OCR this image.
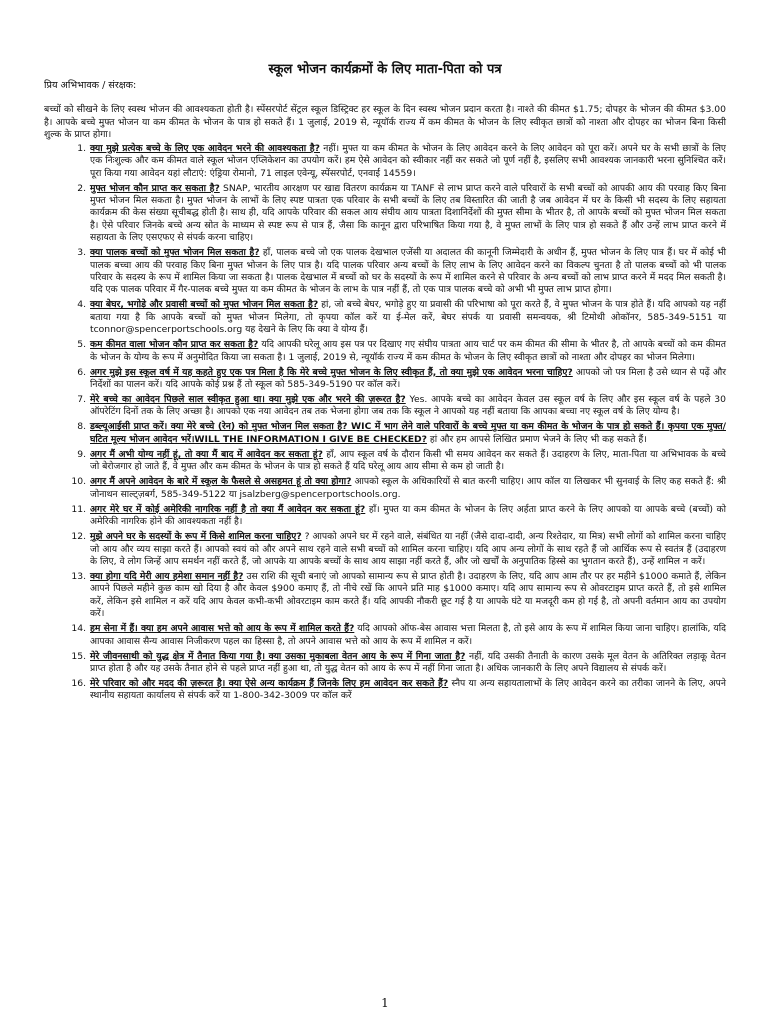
स्कूल भोजन कार्यक्रमों के लिए माता-पिता को पत्र
प्रिय अभिभावक / संरक्षक:

बच्चों को सीखने के लिए स्वस्थ भोजन की आवश्यकता होती है। स्पेंसरपोर्ट सेंट्रल स्कूल डिस्ट्रिक्ट हर स्कूल के दिन स्वस्थ भोजन प्रदान करता है। नाश्ते की कीमत $1.75; दोपहर के भोजन की कीमत $3.00 है। आपके बच्चे मुफ्त भोजन या कम कीमत के भोजन के पात्र हो सकते हैं। 1 जुलाई, 2019 से, न्यूयॉर्क राज्य में कम कीमत के भोजन के लिए स्वीकृत छात्रों को नाश्ता और दोपहर का भोजन बिना किसी शुल्क के प्राप्त होगा।

1. क्या मुझे प्रत्येक बच्चे के लिए एक आवेदन भरने की आवश्यकता है? नहीं। मुफ्त या कम कीमत के भोजन के लिए आवेदन करने के लिए आवेदन को पूरा करें। अपने घर के सभी छात्रों के लिए एक निःशुल्क और कम कीमत वाले स्कूल भोजन एप्लिकेशन का उपयोग करें। हम ऐसे आवेदन को स्वीकार नहीं कर सकते जो पूर्ण नहीं है, इसलिए सभी आवश्यक जानकारी भरना सुनिश्चित करें। पूरा किया गया आवेदन यहां लौटाएं: एंड्रिया रोमानो, 71 लाइल एवेन्यू, स्पेंसरपोर्ट, एनवाई 14559।
2. मुफ्त भोजन कौन प्राप्त कर सकता है? SNAP, भारतीय आरक्षण पर खाद्य वितरण कार्यक्रम या TANF से लाभ प्राप्त करने वाले परिवारों के सभी बच्चों को आपकी आय की परवाह किए बिना मुफ्त भोजन मिल सकता है। मुफ्त भोजन के लाभों के लिए स्पष्ट पात्रता एक परिवार के सभी बच्चों के लिए तब विस्तारित की जाती है जब आवेदन में घर के किसी भी सदस्य के लिए सहायता कार्यक्रम की केस संख्या सूचीबद्ध होती है। साथ ही, यदि आपके परिवार की सकल आय संघीय आय पात्रता दिशानिर्देशों की मुफ्त सीमा के भीतर है, तो आपके बच्चों को मुफ्त भोजन मिल सकता है। ऐसे परिवार जिनके बच्चे अन्य स्रोत के माध्यम से स्पष्ट रूप से पात्र हैं, जैसा कि कानून द्वारा परिभाषित किया गया है, वे मुफ्त लाभों के लिए पात्र हो सकते हैं और उन्हें लाभ प्राप्त करने में सहायता के लिए एसएफए से संपर्क करना चाहिए।
3. क्या पालक बच्चों को मुफ्त भोजन मिल सकता है? हाँ, पालक बच्चे जो एक पालक देखभाल एजेंसी या अदालत की कानूनी जिम्मेदारी के अधीन हैं, मुफ्त भोजन के लिए पात्र हैं। घर में कोई भी पालक बच्चा आय की परवाह किए बिना मुफ्त भोजन के लिए पात्र है। यदि पालक परिवार अन्य बच्चों के लिए लाभ के लिए आवेदन करने का विकल्प चुनता है तो पालक बच्चों को भी पालक परिवार के सदस्य के रूप में शामिल किया जा सकता है। पालक देखभाल में बच्चों को घर के सदस्यों के रूप में शामिल करने से परिवार के अन्य बच्चों को लाभ प्राप्त करने में मदद मिल सकती है। यदि एक पालक परिवार में गैर-पालक बच्चे मुफ्त या कम कीमत के भोजन के लाभ के पात्र नहीं हैं, तो एक पात्र पालक बच्चे को अभी भी मुफ्त लाभ प्राप्त होगा।
4. क्या बेघर, भगोड़े और प्रवासी बच्चों को मुफ्त भोजन मिल सकता है? हां, जो बच्चे बेघर, भगोड़े हुए या प्रवासी की परिभाषा को पूरा करते हैं, वे मुफ्त भोजन के पात्र होते हैं। यदि आपको यह नहीं बताया गया है कि आपके बच्चों को मुफ्त भोजन मिलेगा, तो कृपया कॉल करें या ई-मेल करें, बेघर संपर्क या प्रवासी समन्वयक, श्री टिमोथी ओकॉनर, 585-349-5151 या tconnor@spencerportschools.org यह देखने के लिए कि क्या वे योग्य हैं।
5. कम कीमत वाला भोजन कौन प्राप्त कर सकता है? यदि आपकी घरेलू आय इस पत्र पर दिखाए गए संघीय पात्रता आय चार्ट पर कम कीमत की सीमा के भीतर है, तो आपके बच्चों को कम कीमत के भोजन के योग्य के रूप में अनुमोदित किया जा सकता है। 1 जुलाई, 2019 से, न्यूयॉर्क राज्य में कम कीमत के भोजन के लिए स्वीकृत छात्रों को नाश्ता और दोपहर का भोजन मिलेगा।
6. अगर मुझे इस स्कूल वर्ष में यह कहते हुए एक पत्र मिला है कि मेरे बच्चे मुफ्त भोजन के लिए स्वीकृत हैं, तो क्या मुझे एक आवेदन भरना चाहिए? आपको जो पत्र मिला है उसे ध्यान से पढ़ें और निर्देशों का पालन करें। यदि आपके कोई प्रश्न हैं तो स्कूल को 585-349-5190 पर कॉल करें।
7. मेरे बच्चे का आवेदन पिछले साल स्वीकृत हुआ था। क्या मुझे एक और भरने की ज़रूरत है? Yes. आपके बच्चे का आवेदन केवल उस स्कूल वर्ष के लिए और इस स्कूल वर्ष के पहले 30 ऑपरेटिंग दिनों तक के लिए अच्छा है। आपको एक नया आवेदन तब तक भेजना होगा जब तक कि स्कूल ने आपको यह नहीं बताया कि आपका बच्चा नए स्कूल वर्ष के लिए योग्य है।
8. डब्ल्यूआईसी प्राप्त करें। क्या मेरे बच्चे (रेन) को मुफ्त भोजन मिल सकता है? WIC में भाग लेने वाले परिवारों के बच्चे मुफ्त या कम कीमत के भोजन के पात्र हो सकते हैं। कृपया एक मुफ्त/घटित मूल्य भोजन आवेदन भरें।WILL THE INFORMATION I GIVE BE CHECKED? हां और हम आपसे लिखित प्रमाण भेजने के लिए भी कह सकते हैं।
9. अगर मैं अभी योग्य नहीं हूं, तो क्या मैं बाद में आवेदन कर सकता हूं? हाँ, आप स्कूल वर्ष के दौरान किसी भी समय आवेदन कर सकते हैं। उदाहरण के लिए, माता-पिता या अभिभावक के बच्चे जो बेरोजगार हो जाते हैं, वे मुफ्त और कम कीमत के भोजन के पात्र हो सकते हैं यदि घरेलू आय आय सीमा से कम हो जाती है।
10. अगर मैं अपने आवेदन के बारे में स्कूल के फैसले से असहमत हूं तो क्या होगा? आपको स्कूल के अधिकारियों से बात करनी चाहिए। आप कॉल या लिखकर भी सुनवाई के लिए कह सकते हैं: श्री जोनाथन साल्ट्ज़बर्ग, 585-349-5122 या jsalzberg@spencerportschools.org.
11. अगर मेरे घर में कोई अमेरिकी नागरिक नहीं है तो क्या मैं आवेदन कर सकता हूं? हाँ। मुफ्त या कम कीमत के भोजन के लिए अर्हता प्राप्त करने के लिए आपको या आपके बच्चे (बच्चों) को अमेरिकी नागरिक होने की आवश्यकता नहीं है।
12. मुझे अपने घर के सदस्यों के रूप में किसे शामिल करना चाहिए? ? आपको अपने घर में रहने वाले, संबंधित या नहीं (जैसे दादा-दादी, अन्य रिश्तेदार, या मित्र) सभी लोगों को शामिल करना चाहिए जो आय और व्यय साझा करते हैं। आपको स्वयं को और अपने साथ रहने वाले सभी बच्चों को शामिल करना चाहिए। यदि आप अन्य लोगों के साथ रहते हैं जो आर्थिक रूप से स्वतंत्र हैं (उदाहरण के लिए, वे लोग जिन्हें आप समर्थन नहीं करते हैं, जो आपके या आपके बच्चों के साथ आय साझा नहीं करते हैं, और जो खर्चों के अनुपातिक हिस्से का भुगतान करते हैं), उन्हें शामिल न करें।
13. क्या होगा यदि मेरी आय हमेशा समान नहीं है? उस राशि की सूची बनाएं जो आपको सामान्य रूप से प्राप्त होती है। उदाहरण के लिए, यदि आप आम तौर पर हर महीने $1000 कमाते हैं, लेकिन आपने पिछले महीने कुछ काम खो दिया है और केवल $900 कमाए हैं, तो नीचे रखें कि आपने प्रति माह $1000 कमाए। यदि आप सामान्य रूप से ओवरटाइम प्राप्त करते हैं, तो इसे शामिल करें, लेकिन इसे शामिल न करें यदि आप केवल कभी-कभी ओवरटाइम काम करते हैं। यदि आपकी नौकरी छूट गई है या आपके घंटे या मजदूरी कम हो गई है, तो अपनी वर्तमान आय का उपयोग करें।
14. हम सेना में हैं। क्या हम अपने आवास भत्ते को आय के रूप में शामिल करते हैं? यदि आपको ऑफ-बेस आवास भत्ता मिलता है, तो इसे आय के रूप में शामिल किया जाना चाहिए। हालांकि, यदि आपका आवास सैन्य आवास निजीकरण पहल का हिस्सा है, तो अपने आवास भत्ते को आय के रूप में शामिल न करें।
15. मेरे जीवनसाथी को युद्ध क्षेत्र में तैनात किया गया है। क्या उसका मुकाबला वेतन आय के रूप में गिना जाता है? नहीं, यदि उसकी तैनाती के कारण उसके मूल वेतन के अतिरिक्त लड़ाकू वेतन प्राप्त होता है और यह उसके तैनात होने से पहले प्राप्त नहीं हुआ था, तो युद्ध वेतन को आय के रूप में नहीं गिना जाता है। अधिक जानकारी के लिए अपने विद्यालय से संपर्क करें।
16. मेरे परिवार को और मदद की ज़रूरत है। क्या ऐसे अन्य कार्यक्रम हैं जिनके लिए हम आवेदन कर सकते हैं? स्नैप या अन्य सहायतालाभों के लिए आवेदन करने का तरीका जानने के लिए, अपने स्थानीय सहायता कार्यालय से संपर्क करें या 1-800-342-3009 पर कॉल करें
1
